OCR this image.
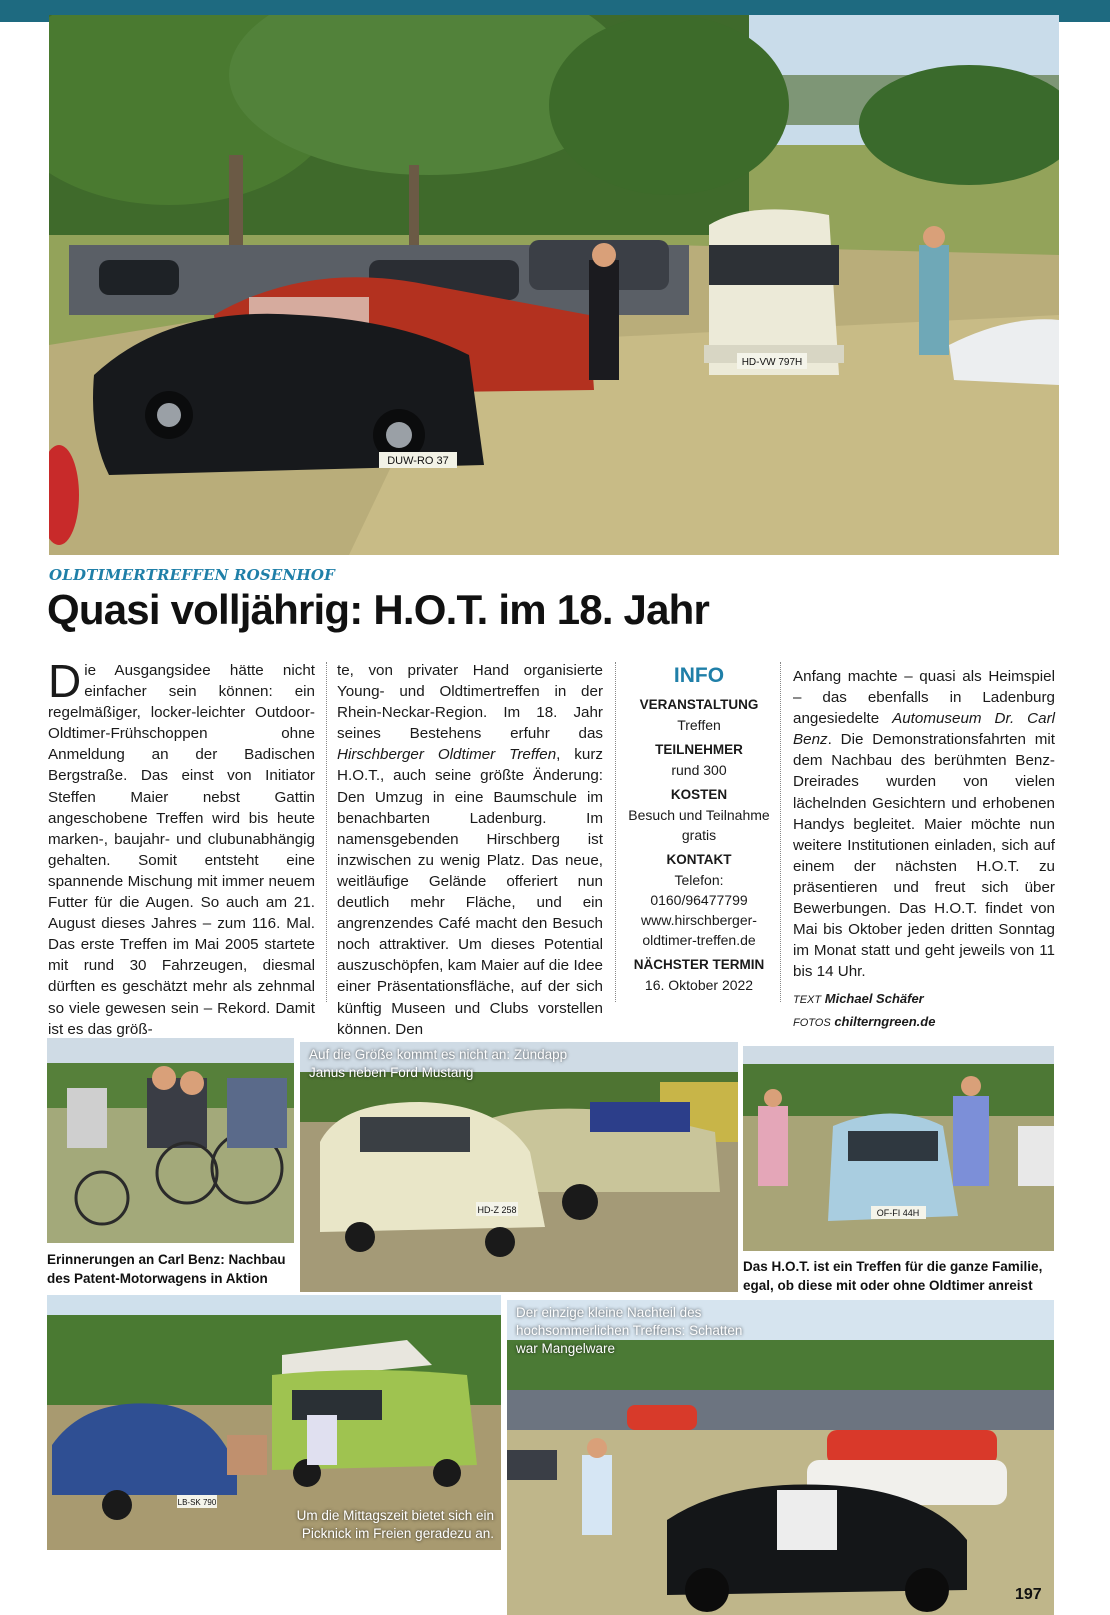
DUW-RO 37
HD-VW 797H
OLDTIMERTREFFEN ROSENHOF
Quasi volljährig: H.O.T. im 18. Jahr
Die Ausgangsidee hätte nicht einfacher sein können: ein regelmäßiger, locker-leichter Outdoor-Oldtimer-Frühschoppen ohne Anmeldung an der Badischen Bergstraße. Das einst von Initiator Steffen Maier nebst Gattin angeschobene Treffen wird bis heute marken-, baujahr- und clubunabhängig gehalten. Somit entsteht eine spannende Mischung mit immer neuem Futter für die Augen. So auch am 21. August dieses Jahres – zum 116. Mal. Das erste Treffen im Mai 2005 startete mit rund 30 Fahrzeugen, diesmal dürften es geschätzt mehr als zehnmal so viele gewesen sein – Rekord. Damit ist es das größ-
te, von privater Hand organisierte Young- und Oldtimertreffen in der Rhein-Neckar-Region. Im 18. Jahr seines Bestehens erfuhr das Hirschberger Oldtimer Treffen, kurz H.O.T., auch seine größte Änderung: Den Umzug in eine Baumschule im benachbarten Ladenburg. Im namensgebenden Hirschberg ist inzwischen zu wenig Platz. Das neue, weitläufige Gelände offeriert nun deutlich mehr Fläche, und ein angrenzendes Café macht den Besuch noch attraktiver. Um dieses Potential auszuschöpfen, kam Maier auf die Idee einer Präsentationsfläche, auf der sich künftig Museen und Clubs vorstellen können. Den
INFO
VERANSTALTUNG
Treffen
TEILNEHMER
rund 300
KOSTEN
Besuch und Teilnahme gratis
KONTAKT
Telefon: 0160/96477799 www.hirschberger-oldtimer-treffen.de
NÄCHSTER TERMIN
16. Oktober 2022
Anfang machte – quasi als Heimspiel – das ebenfalls in Ladenburg angesiedelte Automuseum Dr. Carl Benz. Die Demonstrationsfahrten mit dem Nachbau des berühmten Benz-Dreirades wurden von vielen lächelnden Gesichtern und erhobenen Handys begleitet. Maier möchte nun weitere Institutionen einladen, sich auf einem der nächsten H.O.T. zu präsentieren und freut sich über Bewerbungen. Das H.O.T. findet von Mai bis Oktober jeden dritten Sonntag im Monat statt und geht jeweils von 11 bis 14 Uhr.
TEXT Michael Schäfer
FOTOS chilterngreen.de
Erinnerungen an Carl Benz: Nachbau des Patent-Motorwagens in Aktion
HD-Z 258
Auf die Größe kommt es nicht an: Zündapp Janus neben Ford Mustang
OF-FI 44H
Das H.O.T. ist ein Treffen für die ganze Familie, egal, ob diese mit oder ohne Oldtimer anreist
LB-SK 790
Um die Mittagszeit bietet sich ein Picknick im Freien geradezu an.
Der einzige kleine Nachteil des hochsommerlichen Treffens: Schatten war Mangelware
197
